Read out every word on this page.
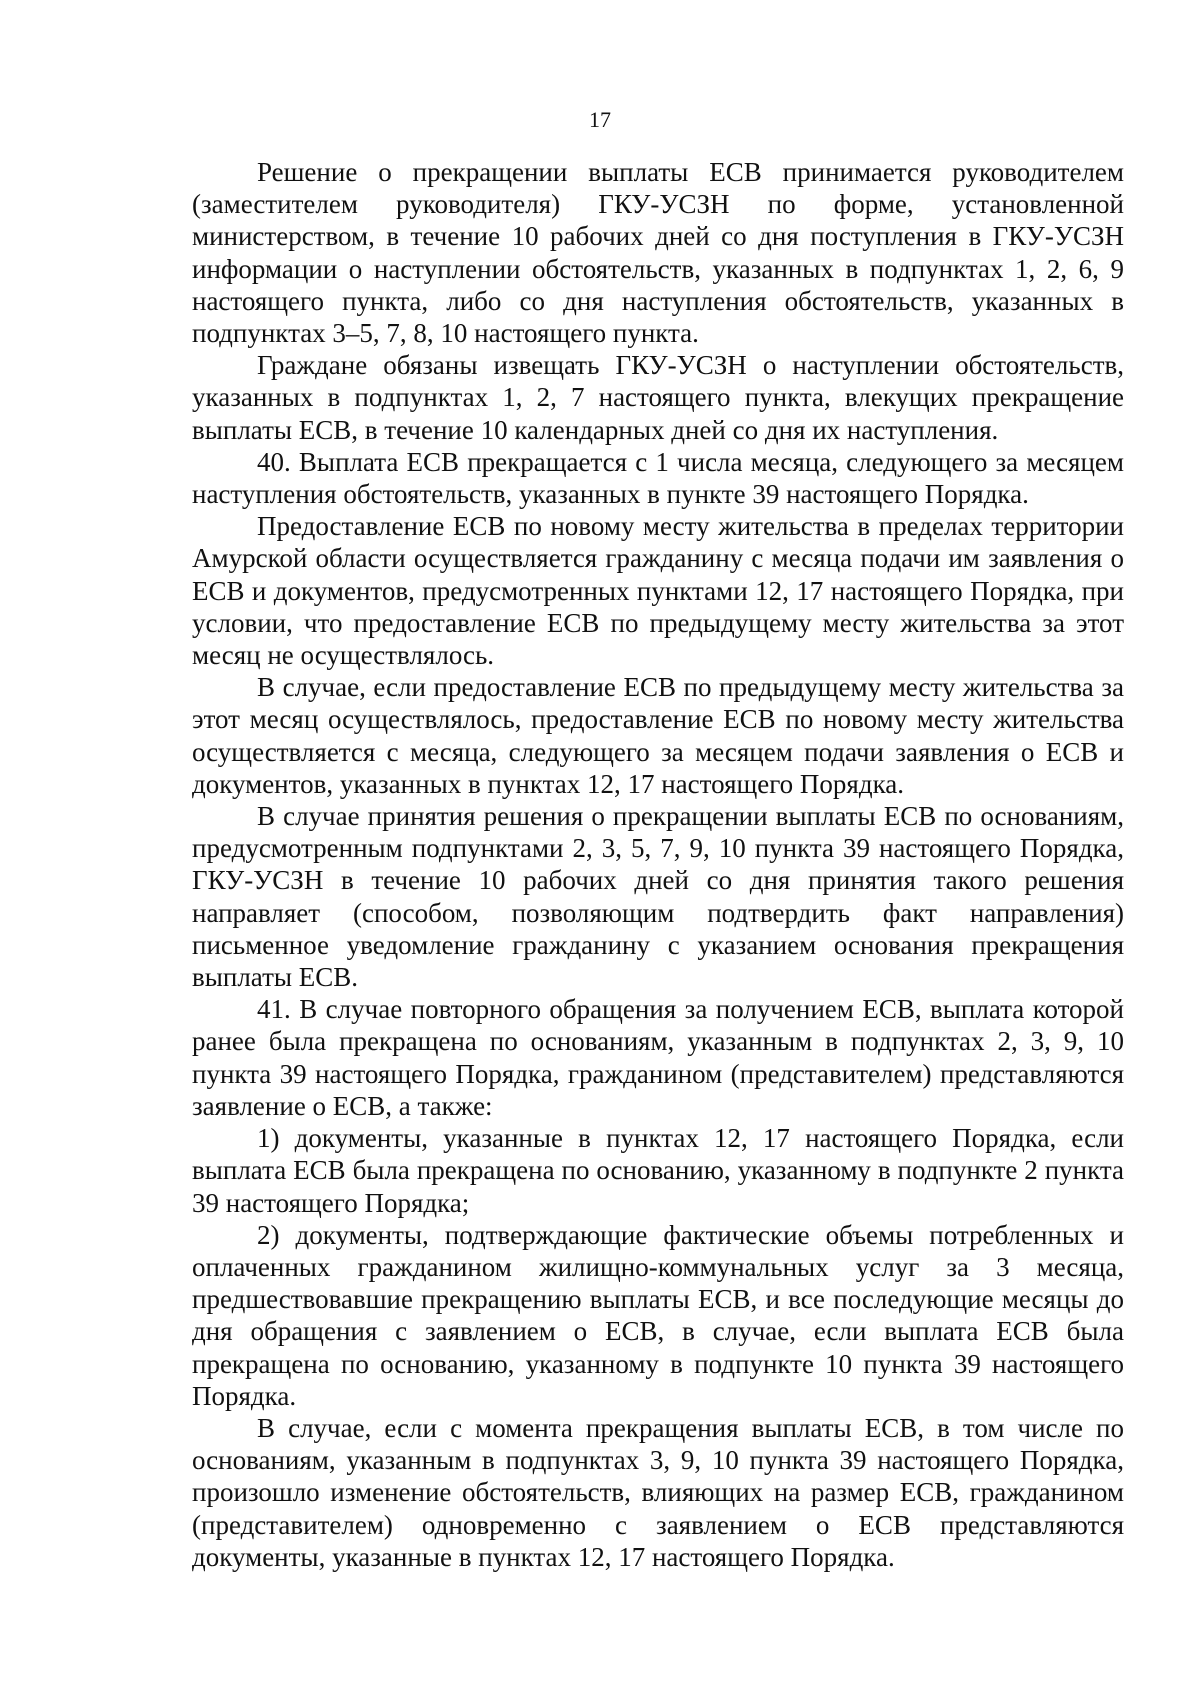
17

Решение о прекращении выплаты ЕСВ принимается руководителем (заместителем руководителя) ГКУ-УСЗН по форме, установленной министерством, в течение 10 рабочих дней со дня поступления в ГКУ-УСЗН информации о наступлении обстоятельств, указанных в подпунктах 1, 2, 6, 9 настоящего пункта, либо со дня наступления обстоятельств, указанных в подпунктах 3–5, 7, 8, 10 настоящего пункта.

Граждане обязаны извещать ГКУ-УСЗН о наступлении обстоятельств, указанных в подпунктах 1, 2, 7 настоящего пункта, влекущих прекращение выплаты ЕСВ, в течение 10 календарных дней со дня их наступления.

40. Выплата ЕСВ прекращается с 1 числа месяца, следующего за месяцем наступления обстоятельств, указанных в пункте 39 настоящего Порядка.

Предоставление ЕСВ по новому месту жительства в пределах территории Амурской области осуществляется гражданину с месяца подачи им заявления о ЕСВ и документов, предусмотренных пунктами 12, 17 настоящего Порядка, при условии, что предоставление ЕСВ по предыдущему месту жительства за этот месяц не осуществлялось.

В случае, если предоставление ЕСВ по предыдущему месту жительства за этот месяц осуществлялось, предоставление ЕСВ по новому месту жительства осуществляется с месяца, следующего за месяцем подачи заявления о ЕСВ и документов, указанных в пунктах 12, 17 настоящего Порядка.

В случае принятия решения о прекращении выплаты ЕСВ по основаниям, предусмотренным подпунктами 2, 3, 5, 7, 9, 10 пункта 39 настоящего Порядка, ГКУ-УСЗН в течение 10 рабочих дней со дня принятия такого решения направляет (способом, позволяющим подтвердить факт направления) письменное уведомление гражданину с указанием основания прекращения выплаты ЕСВ.

41. В случае повторного обращения за получением ЕСВ, выплата которой ранее была прекращена по основаниям, указанным в подпунктах 2, 3, 9, 10 пункта 39 настоящего Порядка, гражданином (представителем) представляются заявление о ЕСВ, а также:

1) документы, указанные в пунктах 12, 17 настоящего Порядка, если выплата ЕСВ была прекращена по основанию, указанному в подпункте 2 пункта 39 настоящего Порядка;

2) документы, подтверждающие фактические объемы потребленных и оплаченных гражданином жилищно-коммунальных услуг за 3 месяца, предшествовавшие прекращению выплаты ЕСВ, и все последующие месяцы до дня обращения с заявлением о ЕСВ, в случае, если выплата ЕСВ была прекращена по основанию, указанному в подпункте 10 пункта 39 настоящего Порядка.

В случае, если с момента прекращения выплаты ЕСВ, в том числе по основаниям, указанным в подпунктах 3, 9, 10 пункта 39 настоящего Порядка, произошло изменение обстоятельств, влияющих на размер ЕСВ, гражданином (представителем) одновременно с заявлением о ЕСВ представляются документы, указанные в пунктах 12, 17 настоящего Порядка.
